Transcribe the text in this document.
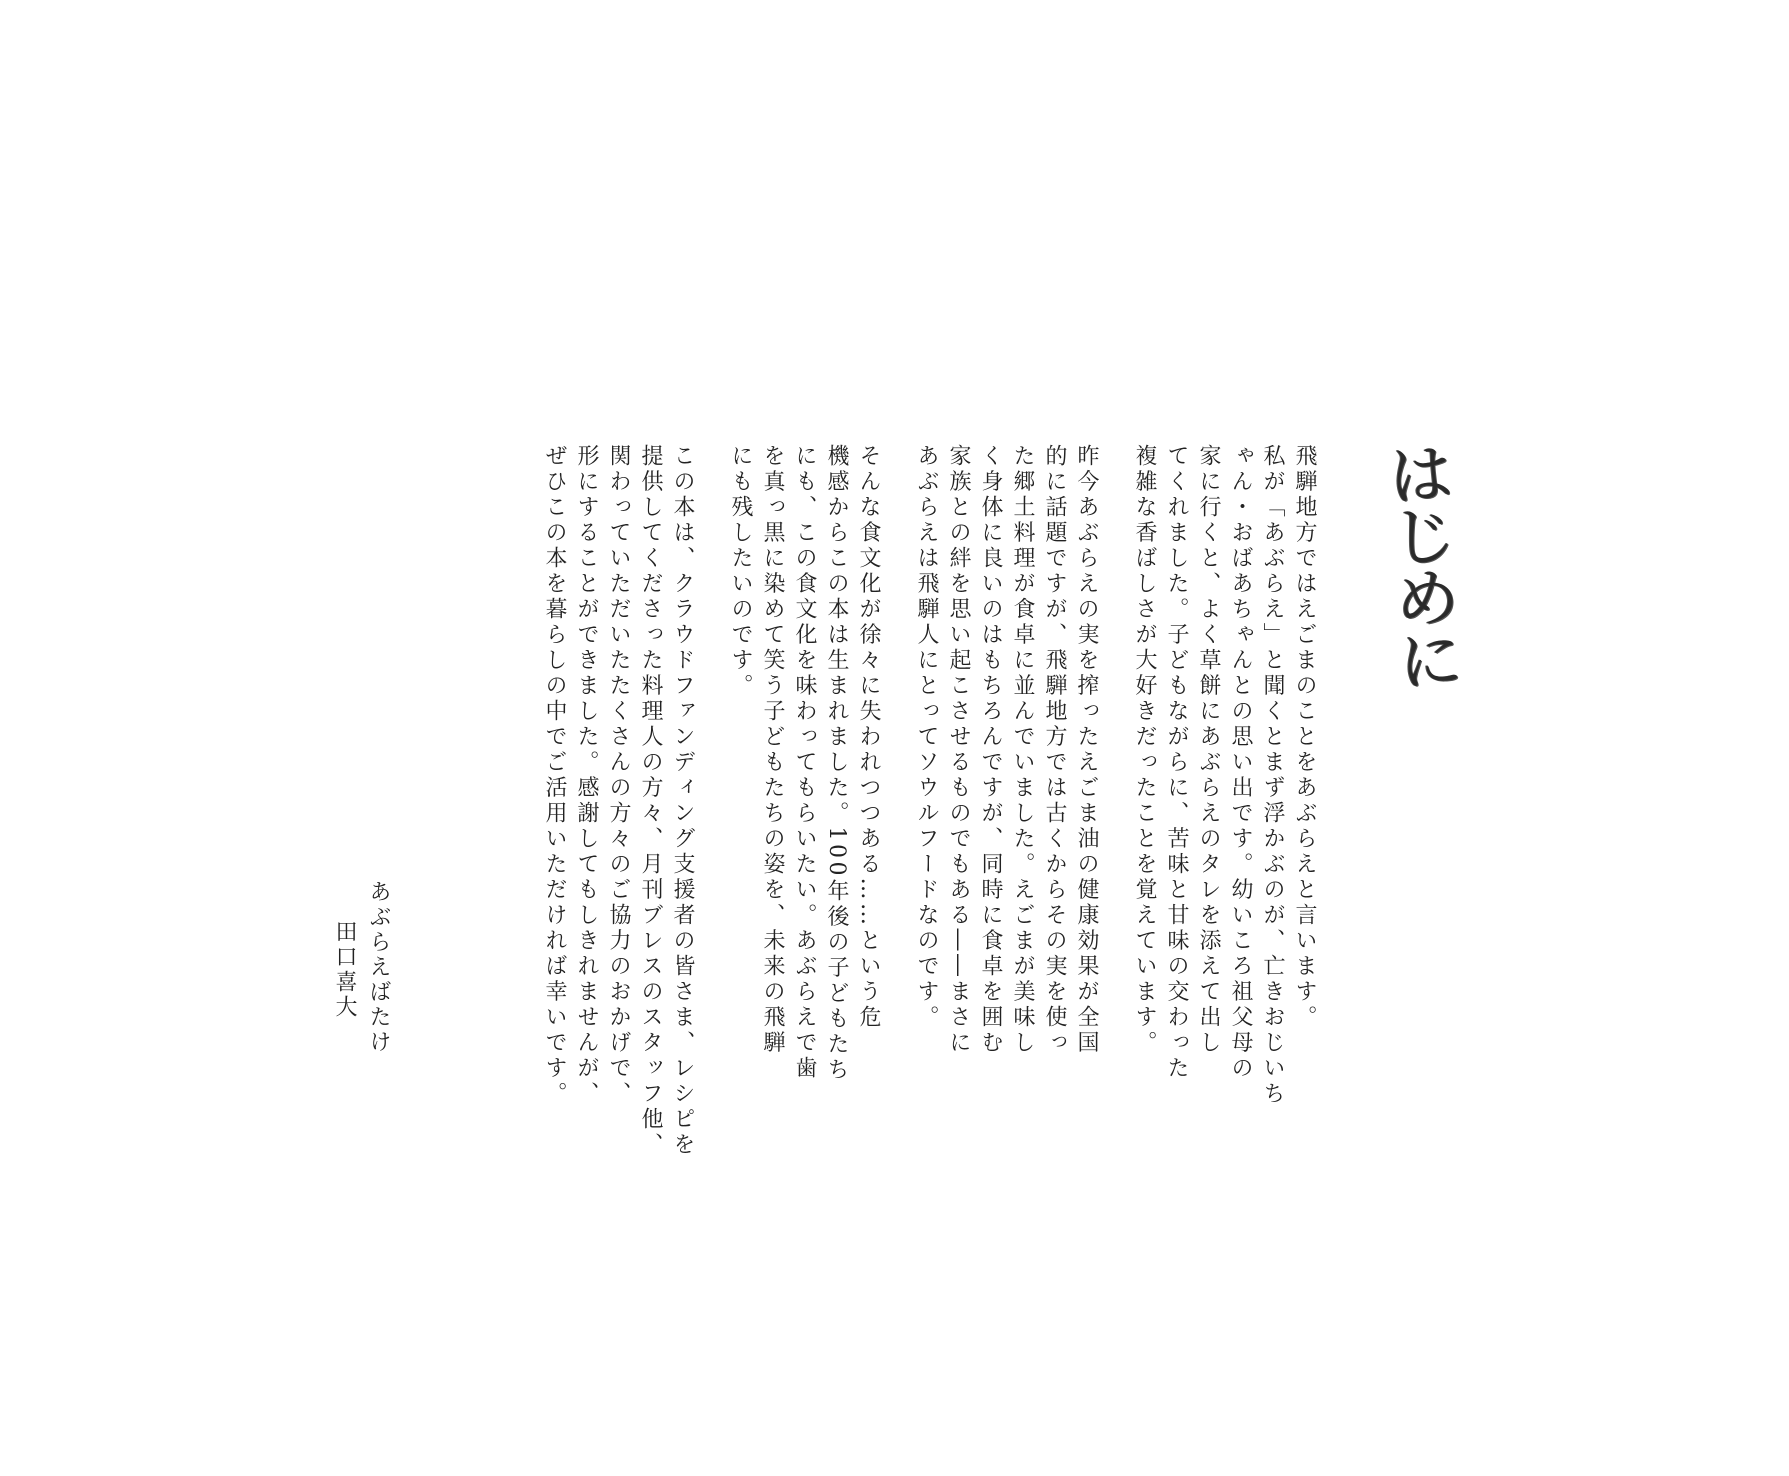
はじめに
飛騨地方ではえごまのことをあぶらえと言います。
私が「あぶらえ」と聞くとまず浮かぶのが、亡きおじいち
ゃん・おばあちゃんとの思い出です。幼いころ祖父母の
家に行くと、よく草餅にあぶらえのタレを添えて出し
てくれました。子どもながらに、苦味と甘味の交わった
複雑な香ばしさが大好きだったことを覚えています。
昨今あぶらえの実を搾ったえごま油の健康効果が全国
的に話題ですが、飛騨地方では古くからその実を使っ
た郷土料理が食卓に並んでいました。えごまが美味し
く身体に良いのはもちろんですが、同時に食卓を囲む
家族との絆を思い起こさせるものでもある――まさに
あぶらえは飛騨人にとってソウルフードなのです。
そんな食文化が徐々に失われつつある……という危
機感からこの本は生まれました。100年後の子どもたち
にも、この食文化を味わってもらいたい。あぶらえで歯
を真っ黒に染めて笑う子どもたちの姿を、未来の飛騨
にも残したいのです。
この本は、クラウドファンディング支援者の皆さま、レシピを
提供してくださった料理人の方々、月刊ブレスのスタッフ他、
関わっていただいたたくさんの方々のご協力のおかげで、
形にすることができました。感謝してもしきれませんが、
ぜひこの本を暮らしの中でご活用いただければ幸いです。
あぶらえばたけ
田口喜大
